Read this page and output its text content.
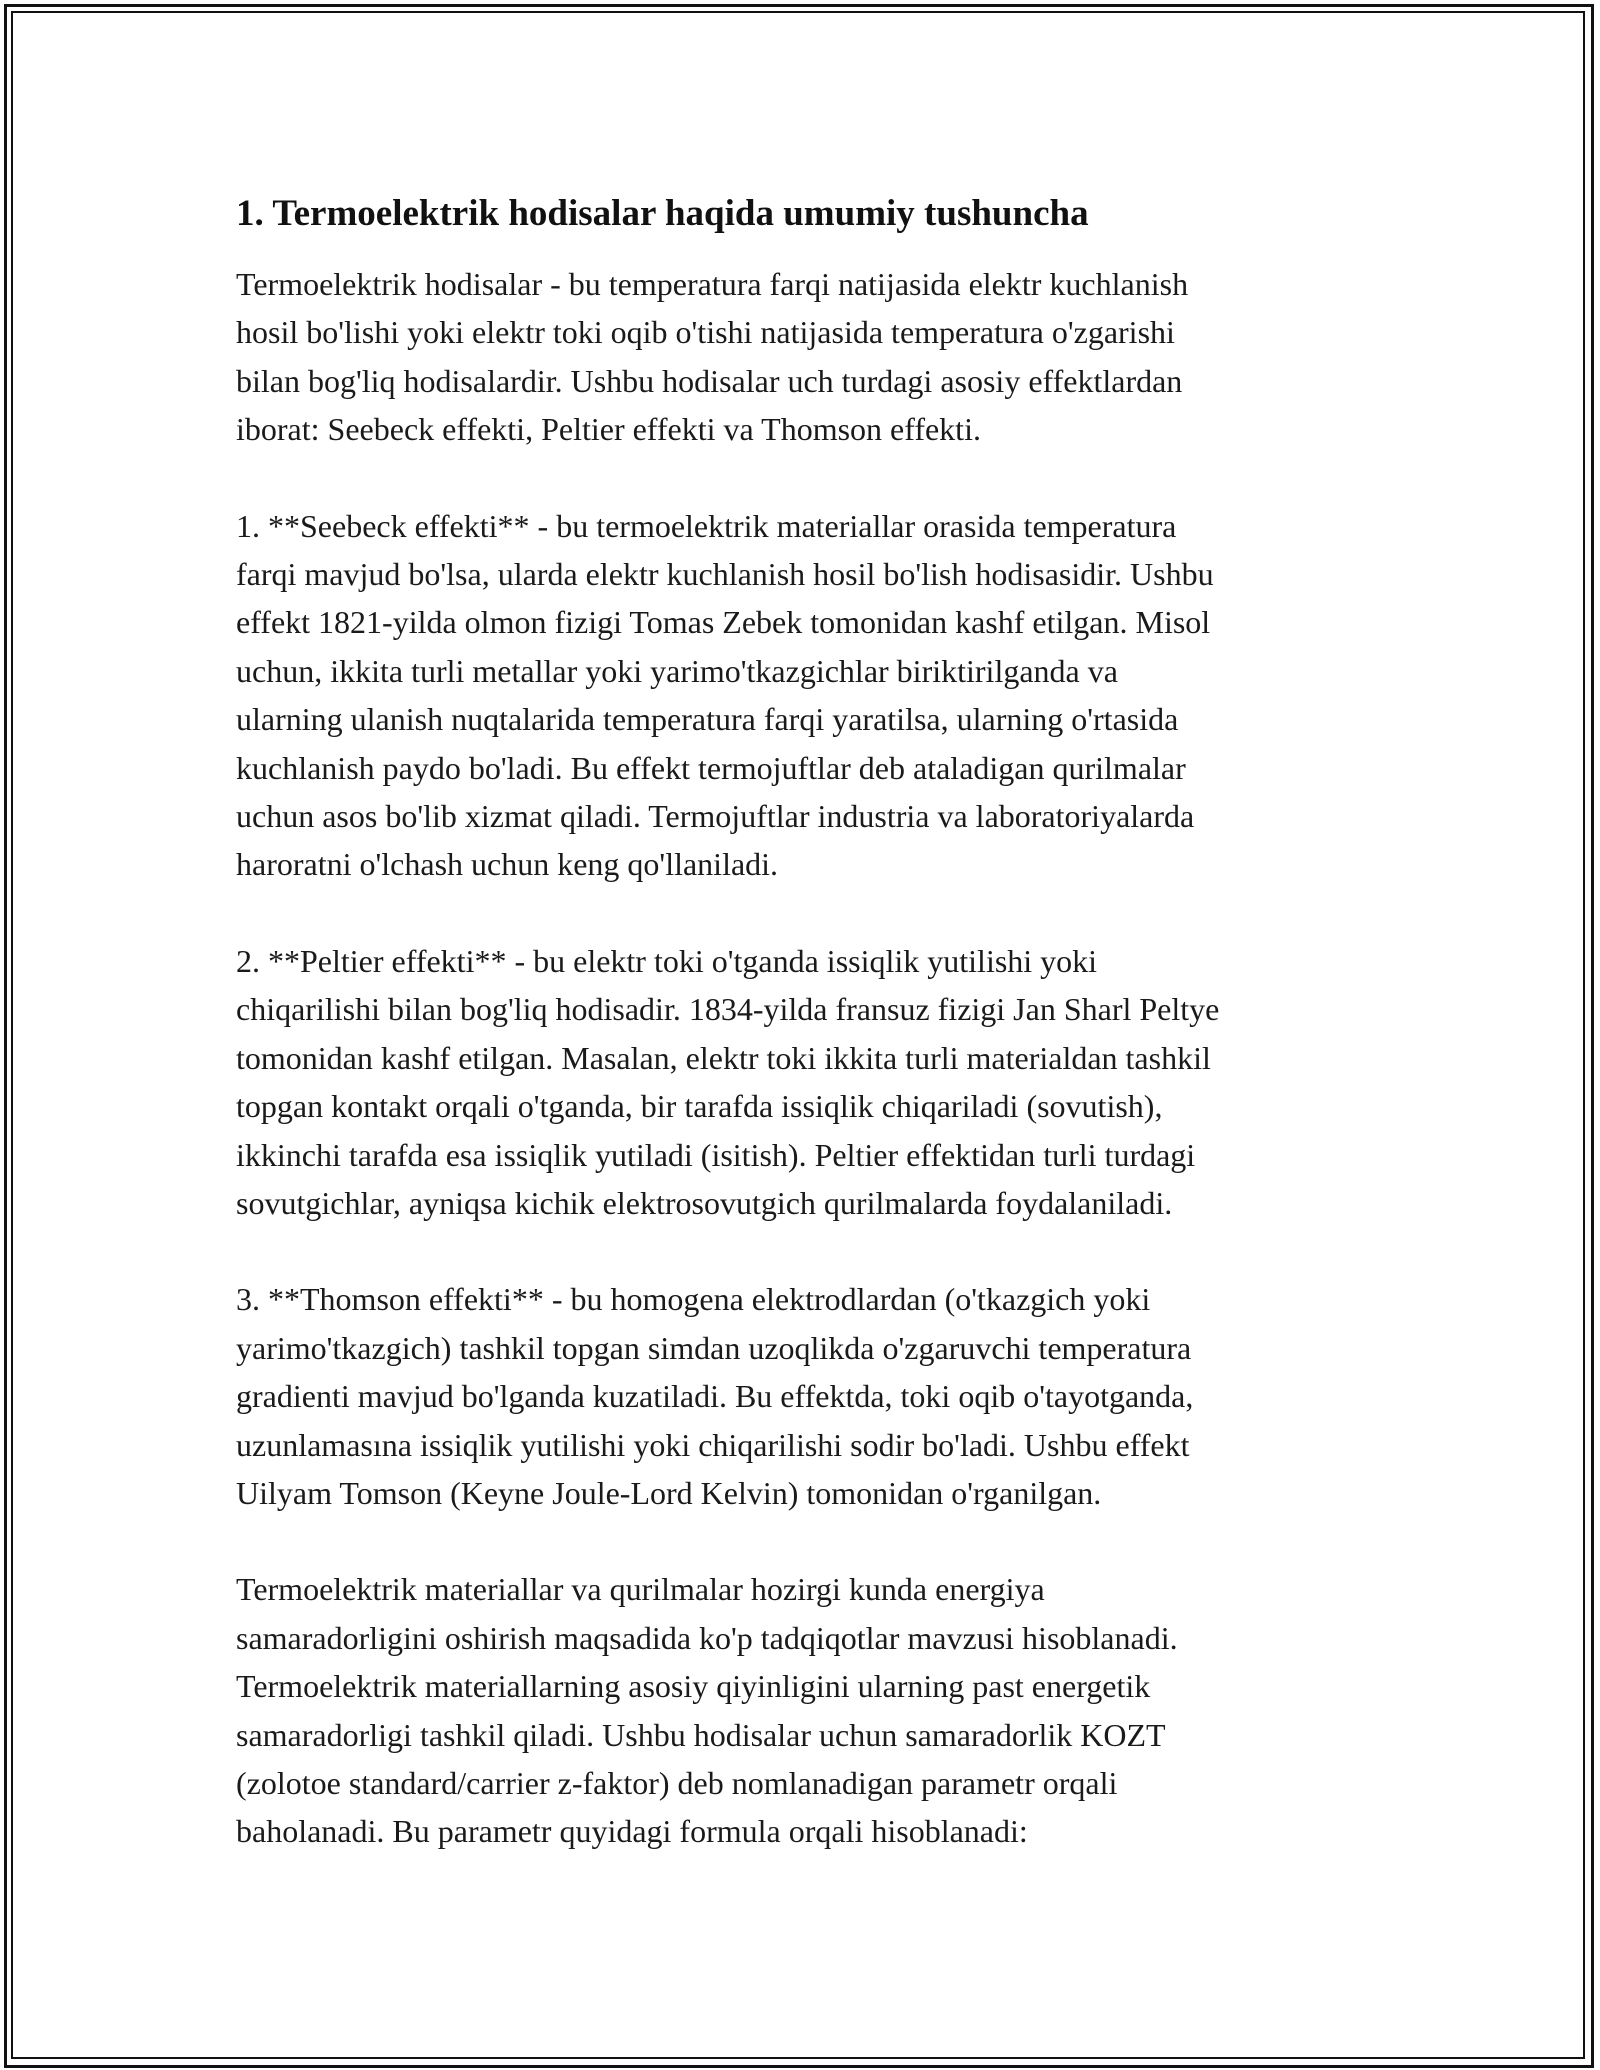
1. Termoelektrik hodisalar haqida umumiy tushuncha

Termoelektrik hodisalar - bu temperatura farqi natijasida elektr kuchlanish
hosil bo'lishi yoki elektr toki oqib o'tishi natijasida temperatura o'zgarishi
bilan bog'liq hodisalardir. Ushbu hodisalar uch turdagi asosiy effektlardan
iborat: Seebeck effekti, Peltier effekti va Thomson effekti.

1. **Seebeck effekti** - bu termoelektrik materiallar orasida temperatura
farqi mavjud bo'lsa, ularda elektr kuchlanish hosil bo'lish hodisasidir. Ushbu
effekt 1821-yilda olmon fizigi Tomas Zebek tomonidan kashf etilgan. Misol
uchun, ikkita turli metallar yoki yarimo'tkazgichlar biriktirilganda va
ularning ulanish nuqtalarida temperatura farqi yaratilsa, ularning o'rtasida
kuchlanish paydo bo'ladi. Bu effekt termojuftlar deb ataladigan qurilmalar
uchun asos bo'lib xizmat qiladi. Termojuftlar industria va laboratoriyalarda
haroratni o'lchash uchun keng qo'llaniladi.

2. **Peltier effekti** - bu elektr toki o'tganda issiqlik yutilishi yoki
chiqarilishi bilan bog'liq hodisadir. 1834-yilda fransuz fizigi Jan Sharl Peltye
tomonidan kashf etilgan. Masalan, elektr toki ikkita turli materialdan tashkil
topgan kontakt orqali o'tganda, bir tarafda issiqlik chiqariladi (sovutish),
ikkinchi tarafda esa issiqlik yutiladi (isitish). Peltier effektidan turli turdagi
sovutgichlar, ayniqsa kichik elektrosovutgich qurilmalarda foydalaniladi.

3. **Thomson effekti** - bu homogena elektrodlardan (o'tkazgich yoki
yarimo'tkazgich) tashkil topgan simdan uzoqlikda o'zgaruvchi temperatura
gradienti mavjud bo'lganda kuzatiladi. Bu effektda, toki oqib o'tayotganda,
uzunlamasına issiqlik yutilishi yoki chiqarilishi sodir bo'ladi. Ushbu effekt
Uilyam Tomson (Keyne Joule-Lord Kelvin) tomonidan o'rganilgan.

Termoelektrik materiallar va qurilmalar hozirgi kunda energiya
samaradorligini oshirish maqsadida ko'p tadqiqotlar mavzusi hisoblanadi.
Termoelektrik materiallarning asosiy qiyinligini ularning past energetik
samaradorligi tashkil qiladi. Ushbu hodisalar uchun samaradorlik KOZT
(zolotoe standard/carrier z-faktor) deb nomlanadigan parametr orqali
baholanadi. Bu parametr quyidagi formula orqali hisoblanadi:
